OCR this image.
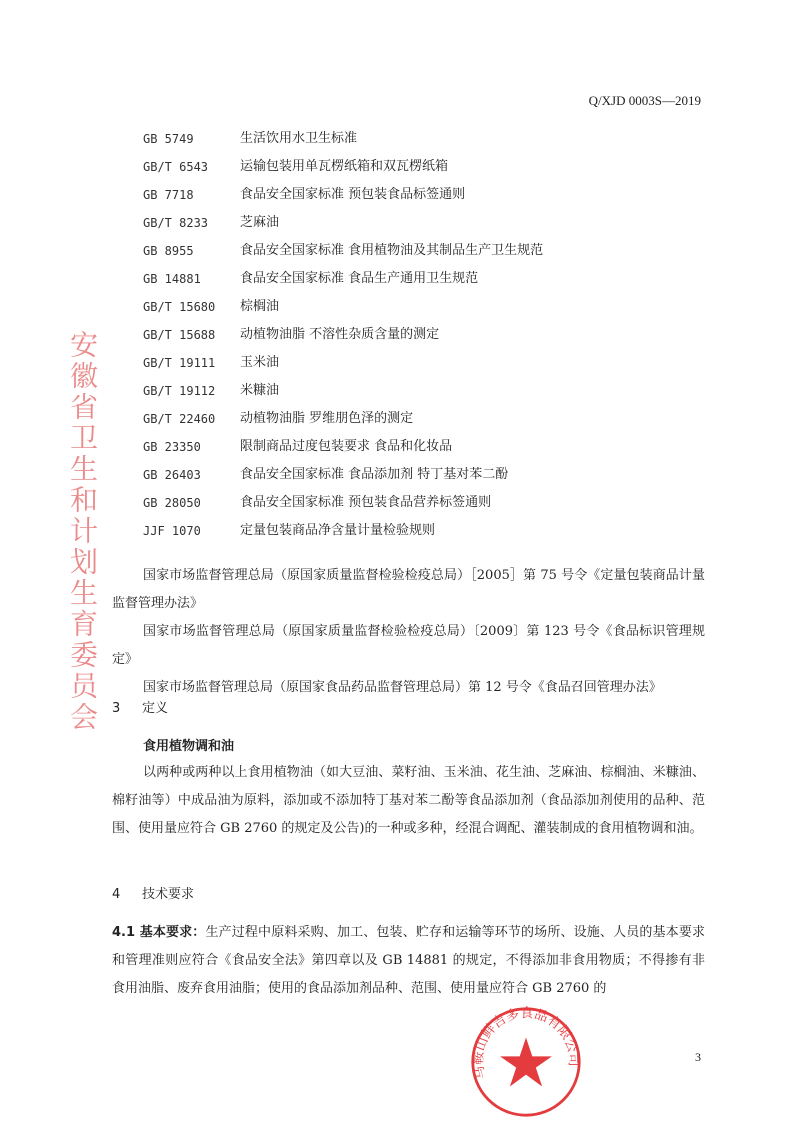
Q/XJD 0003S—2019
GB 5749	生活饮用水卫生标准
GB/T 6543	运输包装用单瓦楞纸箱和双瓦楞纸箱
GB 7718	食品安全国家标准 预包装食品标签通则
GB/T 8233	芝麻油
GB 8955	食品安全国家标准 食用植物油及其制品生产卫生规范
GB 14881	食品安全国家标准 食品生产通用卫生规范
GB/T 15680	棕榈油
GB/T 15688	动植物油脂 不溶性杂质含量的测定
GB/T 19111	玉米油
GB/T 19112	米糠油
GB/T 22460	动植物油脂 罗维朋色泽的测定
GB 23350	限制商品过度包装要求 食品和化妆品
GB 26403	食品安全国家标准 食品添加剂 特丁基对苯二酚
GB 28050	食品安全国家标准 预包装食品营养标签通则
JJF 1070	定量包装商品净含量计量检验规则
国家市场监督管理总局（原国家质量监督检验检疫总局）［2005］第 75 号令《定量包装商品计量监督管理办法》
国家市场监督管理总局（原国家质量监督检验检疫总局）〔2009〕第 123 号令《食品标识管理规定》
国家市场监督管理总局（原国家食品药品监督管理总局）第 12 号令《食品召回管理办法》
3 定义
食用植物调和油
以两种或两种以上食用植物油（如大豆油、菜籽油、玉米油、花生油、芝麻油、棕榈油、米糠油、棉籽油等）中成品油为原料，添加或不添加特丁基对苯二酚等食品添加剂（食品添加剂使用的品种、范围、使用量应符合 GB 2760 的规定及公告)的一种或多种，经混合调配、灌装制成的食用植物调和油。
4 技术要求
4.1 基本要求：生产过程中原料采购、加工、包装、贮存和运输等环节的场所、设施、人员的基本要求和管理准则应符合《食品安全法》第四章以及 GB 14881 的规定，不得添加非食用物质；不得掺有非食用油脂、废弃食用油脂；使用的食品添加剂品种、范围、使用量应符合 GB 2760 的
安徽省卫生和计划生育委员会
马鞍山鲜吉多食品有限公司	3
